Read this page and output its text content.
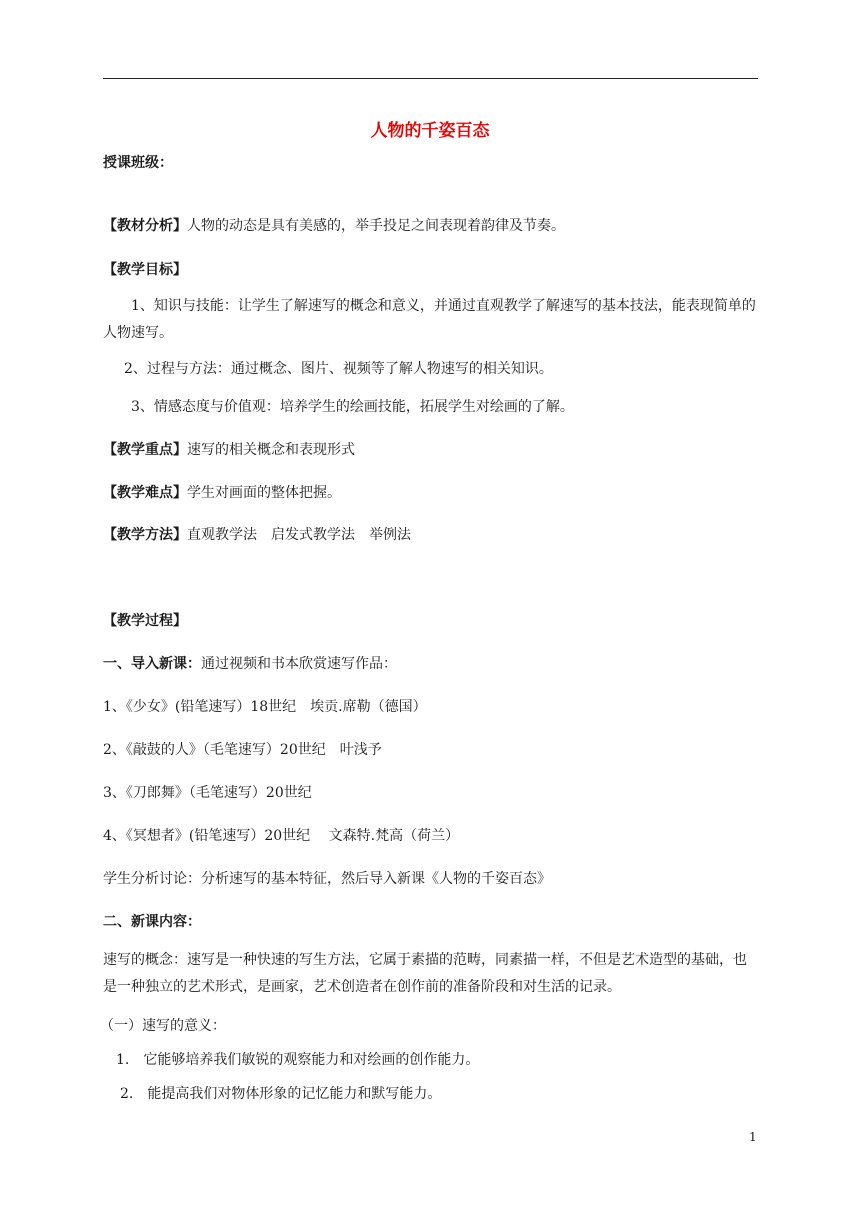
人物的千姿百态
授课班级：
【教材分析】人物的动态是具有美感的，举手投足之间表现着韵律及节奏。
【教学目标】
1、知识与技能：让学生了解速写的概念和意义，并通过直观教学了解速写的基本技法，能表现简单的人物速写。
2、过程与方法：通过概念、图片、视频等了解人物速写的相关知识。
3、情感态度与价值观：培养学生的绘画技能，拓展学生对绘画的了解。
【教学重点】速写的相关概念和表现形式
【教学难点】学生对画面的整体把握。
【教学方法】直观教学法　启发式教学法　举例法
【教学过程】
一、导入新课：通过视频和书本欣赏速写作品：
1、《少女》(铅笔速写）18世纪　埃贡.席勒（德国）
2、《敲鼓的人》（毛笔速写）20世纪　叶浅予
3、《刀郎舞》（毛笔速写）20世纪
4、《冥想者》(铅笔速写）20世纪　 文森特.梵高（荷兰）
学生分析讨论：分析速写的基本特征，然后导入新课《人物的千姿百态》
二、新课内容：
速写的概念：速写是一种快速的写生方法，它属于素描的范畴，同素描一样，不但是艺术造型的基础，也是一种独立的艺术形式，是画家，艺术创造者在创作前的准备阶段和对生活的记录。
（一）速写的意义：
1.　它能够培养我们敏锐的观察能力和对绘画的创作能力。
2.　能提高我们对物体形象的记忆能力和默写能力。
1
